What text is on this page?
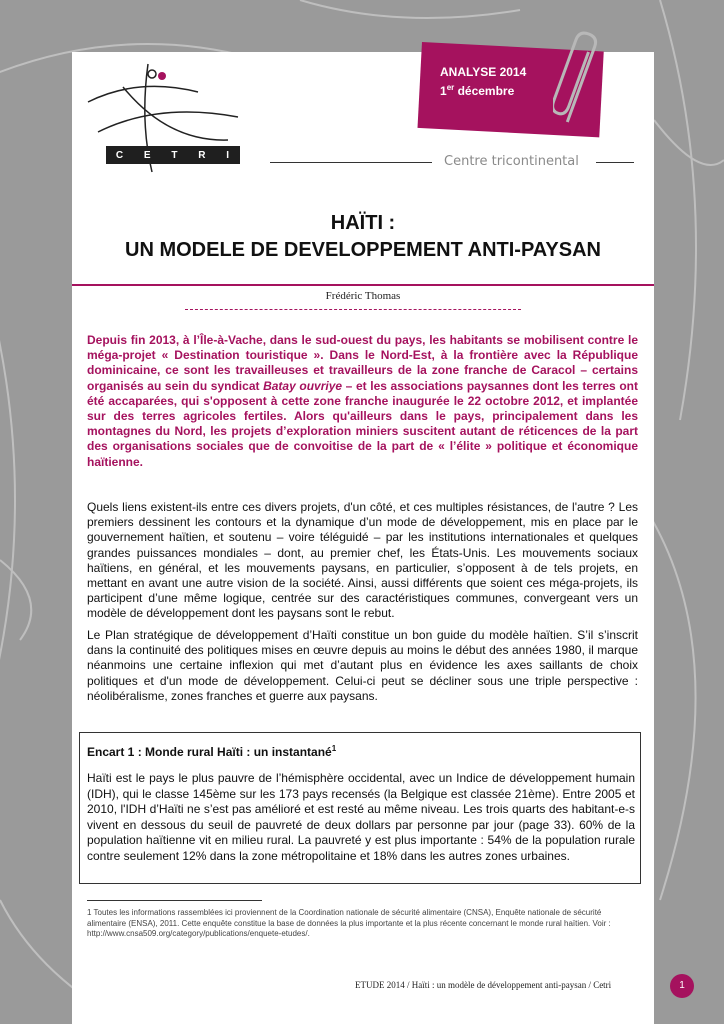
C E T R I	Centre tricontinental
ANALYSE 2014
1er décembre
HAÏTI :
UN MODELE DE DEVELOPPEMENT ANTI-PAYSAN
Frédéric Thomas
Depuis fin 2013, à l’Île-à-Vache, dans le sud-ouest du pays, les habitants se mobilisent contre le méga-projet « Destination touristique ». Dans le Nord-Est, à la frontière avec la République dominicaine, ce sont les travailleuses et travailleurs de la zone franche de Caracol – certains organisés au sein du syndicat Batay ouvriye – et les associations paysannes dont les terres ont été accaparées, qui s'opposent à cette zone franche inaugurée le 22 octobre 2012, et implantée sur des terres agricoles fertiles. Alors qu'ailleurs dans le pays, principalement dans les montagnes du Nord, les projets d’exploration miniers suscitent autant de réticences de la part des organisations sociales que de convoitise de la part de « l’élite » politique et économique haïtienne.

Quels liens existent-ils entre ces divers projets, d'un côté, et ces multiples résistances, de l'autre ? Les premiers dessinent les contours et la dynamique d’un mode de développement, mis en place par le gouvernement haïtien, et soutenu – voire téléguidé – par les institutions internationales et quelques grandes puissances mondiales – dont, au premier chef, les États-Unis. Les mouvements sociaux haïtiens, en général, et les mouvements paysans, en particulier, s’opposent à de tels projets, en mettant en avant une autre vision de la société. Ainsi, aussi différents que soient ces méga-projets, ils participent d’une même logique, centrée sur des caractéristiques communes, convergeant vers un modèle de développement dont les paysans sont le rebut.

Le Plan stratégique de développement d’Haïti constitue un bon guide du modèle haïtien. S’il s’inscrit dans la continuité des politiques mises en œuvre depuis au moins le début des années 1980, il marque néanmoins une certaine inflexion qui met d’autant plus en évidence les axes saillants de choix politiques et d'un mode de développement. Celui-ci peut se décliner sous une triple perspective : néolibéralisme, zones franches et guerre aux paysans.

Encart 1 : Monde rural Haïti : un instantané$^1$

Haïti est le pays le plus pauvre de l’hémisphère occidental, avec un Indice de développement humain (IDH), qui le classe 145ème sur les 173 pays recensés (la Belgique est classée 21ème). Entre 2005 et 2010, l'IDH d’Haïti ne s’est pas amélioré et est resté au même niveau. Les trois quarts des habitant-e-s vivent en dessous du seuil de pauvreté de deux dollars par personne par jour (page 33). 60% de la population haïtienne vit en milieu rural. La pauvreté y est plus importante : 54% de la population rurale contre seulement 12% dans la zone métropolitaine et 18% dans les autres zones urbaines.

1 Toutes les informations rassemblées ici proviennent de la Coordination nationale de sécurité alimentaire (CNSA), Enquête nationale de sécurité alimentaire (ENSA), 2011. Cette enquête constitue la base de données la plus importante et la plus récente concernant le monde rural haïtien. Voir : http://www.cnsa509.org/category/publications/enquete-etudes/.

ETUDE 2014 / Haïti : un modèle de développement anti-paysan / Cetri	1
